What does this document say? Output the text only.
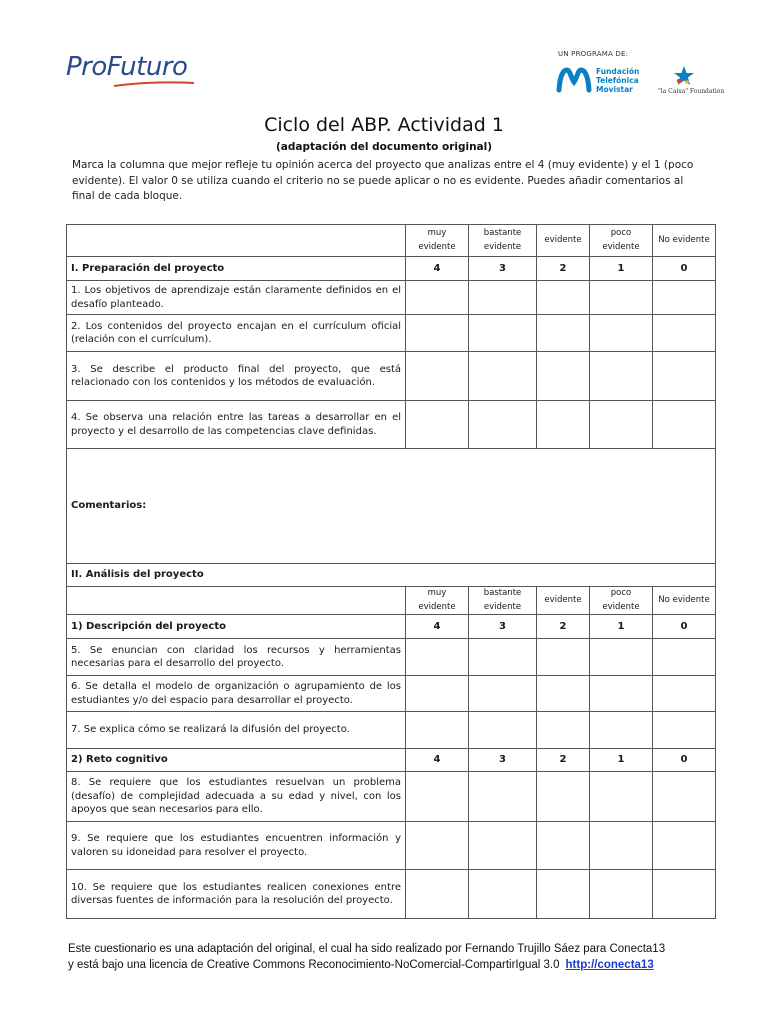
ProFuturo	UN PROGRAMA DE:
Fundación
Telefónica
Movistar	"la Caixa" Foundation
Ciclo del ABP. Actividad 1
(adaptación del documento original)

Marca la columna que mejor refleje tu opinión acerca del proyecto que analizas entre el 4 (muy evidente) y el 1 (poco evidente). El valor 0 se utiliza cuando el criterio no se puede aplicar o no es evidente. Puedes añadir comentarios al final de cada bloque.

	muy evidente	bastante evidente	evidente	poco evidente	No evidente
I. Preparación del proyecto	4	3	2	1	0
1. Los objetivos de aprendizaje están claramente definidos en el desafío planteado.					
2. Los contenidos del proyecto encajan en el currículum oficial (relación con el currículum).					
3. Se describe el producto final del proyecto, que está relacionado con los contenidos y los métodos de evaluación.					
4. Se observa una relación entre las tareas a desarrollar en el proyecto y el desarrollo de las competencias clave definidas.					
Comentarios:					
II. Análisis del proyecto					
	muy evidente	bastante evidente	evidente	poco evidente	No evidente
1) Descripción del proyecto	4	3	2	1	0
5. Se enuncian con claridad los recursos y herramientas necesarias para el desarrollo del proyecto.					
6. Se detalla el modelo de organización o agrupamiento de los estudiantes y/o del espacio para desarrollar el proyecto.					
7. Se explica cómo se realizará la difusión del proyecto.					
2) Reto cognitivo	4	3	2	1	0
8. Se requiere que los estudiantes resuelvan un problema (desafío) de complejidad adecuada a su edad y nivel, con los apoyos que sean necesarios para ello.					
9. Se requiere que los estudiantes encuentren información y valoren su idoneidad para resolver el proyecto.					
10. Se requiere que los estudiantes realicen conexiones entre diversas fuentes de información para la resolución del proyecto.					
Este cuestionario es una adaptación del original, el cual ha sido realizado por Fernando Trujillo Sáez para Conecta13
y está bajo una licencia de Creative Commons Reconocimiento-NoComercial-CompartirIgual 3.0 http://conecta13
